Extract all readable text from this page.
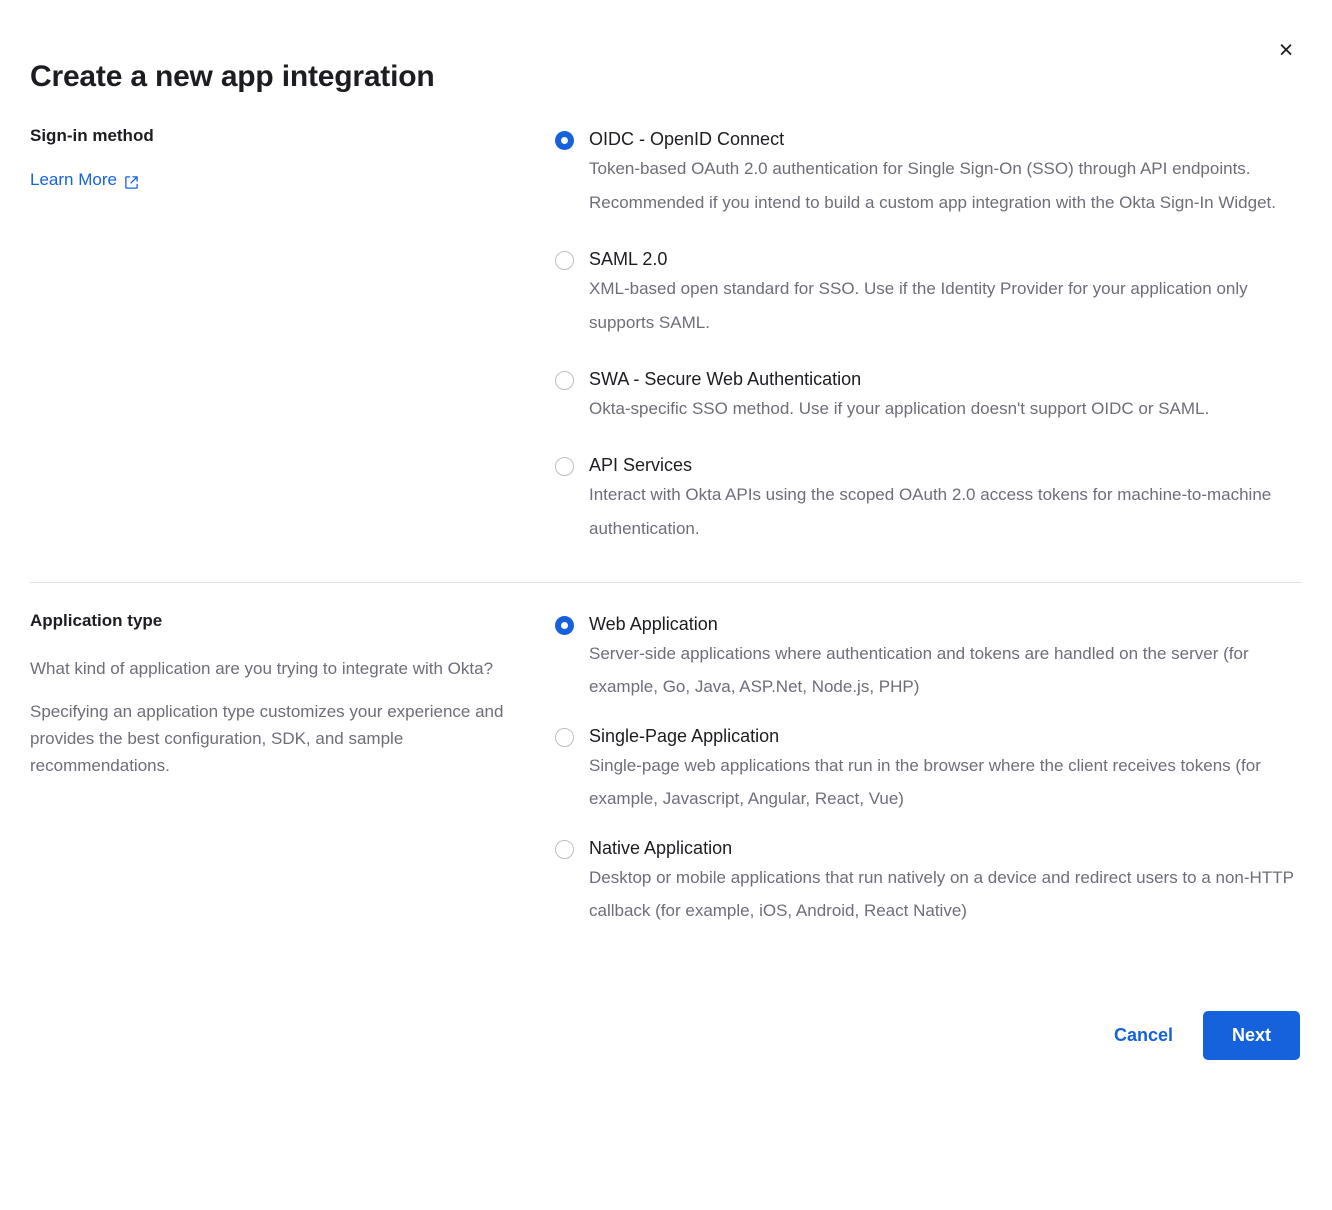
×
Create a new app integration

Sign-in method

Learn More

OIDC - OpenID Connect

Token-based OAuth 2.0 authentication for Single Sign-On (SSO) through API endpoints. Recommended if you intend to build a custom app integration with the Okta Sign-In Widget.

SAML 2.0

XML-based open standard for SSO. Use if the Identity Provider for your application only supports SAML.

SWA - Secure Web Authentication

Okta-specific SSO method. Use if your application doesn't support OIDC or SAML.

API Services

Interact with Okta APIs using the scoped OAuth 2.0 access tokens for machine-to-machine authentication.

Application type

What kind of application are you trying to integrate with Okta?

Specifying an application type customizes your experience and provides the best configuration, SDK, and sample recommendations.

Web Application

Server-side applications where authentication and tokens are handled on the server (for example, Go, Java, ASP.Net, Node.js, PHP)

Single-Page Application

Single-page web applications that run in the browser where the client receives tokens (for example, Javascript, Angular, React, Vue)

Native Application

Desktop or mobile applications that run natively on a device and redirect users to a non-HTTP callback (for example, iOS, Android, React Native)

Cancel	Next
